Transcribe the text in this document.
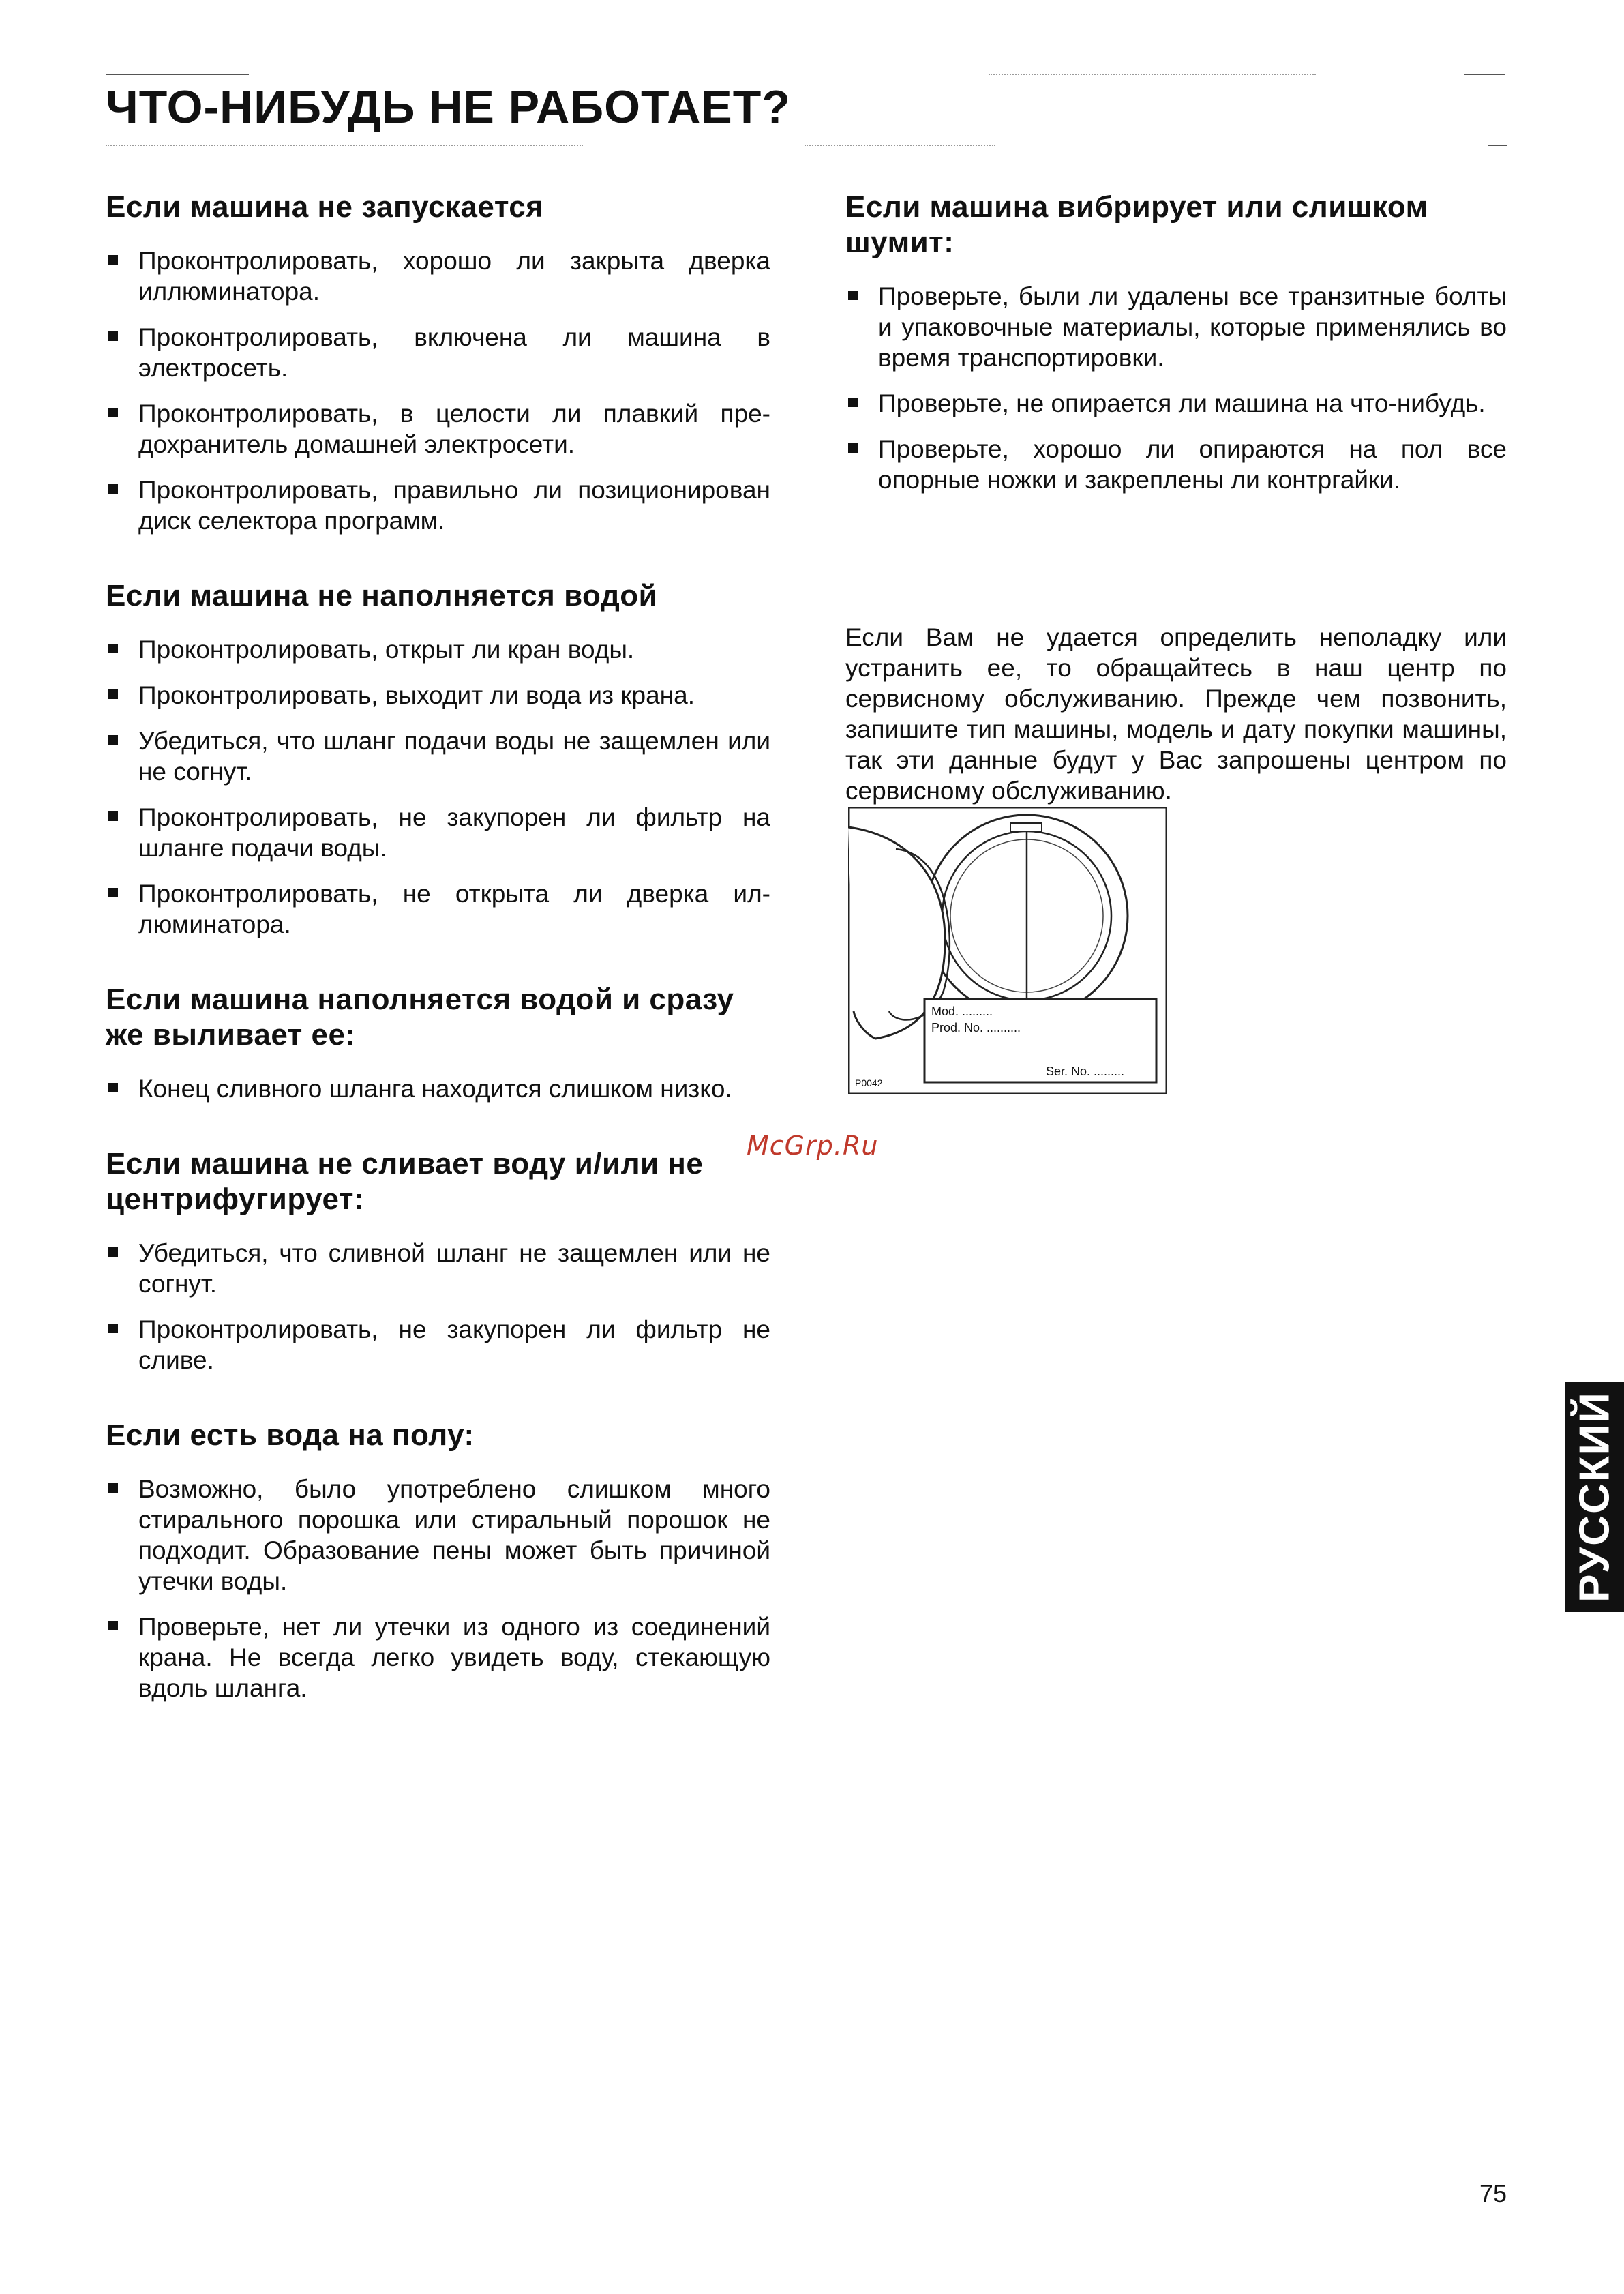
ЧТО-НИБУДЬ НЕ РАБОТАЕТ?
Если машина не запускается
Проконтролировать, хорошо ли закрыта дверка иллюминатора.
Проконтролировать, включена ли машина в электросеть.
Проконтролировать, в целости ли плавкий предохранитель домашней электросети.
Проконтролировать, правильно ли позиционирован диск селектора программ.
Если машина не наполняется водой
Проконтролировать, открыт ли кран воды.
Проконтролировать, выходит ли вода из крана.
Убедиться, что шланг подачи воды не защемлен или не согнут.
Проконтролировать, не закупорен ли фильтр на шланге подачи воды.
Проконтролировать, не открыта ли дверка иллюминатора.
Если машина наполняется водой и сразу же выливает ее:
Конец сливного шланга находится слишком низко.
Если машина не сливает воду и/или не центрифугирует:
Убедиться, что сливной шланг не защемлен или не согнут.
Проконтролировать, не закупорен ли фильтр не сливе.
Если есть вода на полу:
Возможно, было употреблено слишком много стирального порошка или стиральный порошок не подходит. Образование пены может быть причиной утечки воды.
Проверьте, нет ли утечки из одного из соединений крана. Не всегда легко увидеть воду, стекающую вдоль шланга.
Если машина вибрирует или слишком шумит:
Проверьте, были ли удалены все транзитные болты и упаковочные материалы, которые применялись во время транспортировки.
Проверьте, не опирается ли машина на что-нибудь.
Проверьте, хорошо ли опираются на пол все опорные ножки и закреплены ли контргайки.

Если Вам не удается определить неполадку или устранить ее, то обращайтесь в наш центр по сервисному обслуживанию. Прежде чем позвонить, запишите тип машины, модель и дату покупки машины, так эти данные будут у Вас запрошены центром по сервисному обслуживанию.

Mod. .........
Prod. No. ..........
Ser. No. .........
P0042
McGrp.Ru
РУССКИЙ
75
